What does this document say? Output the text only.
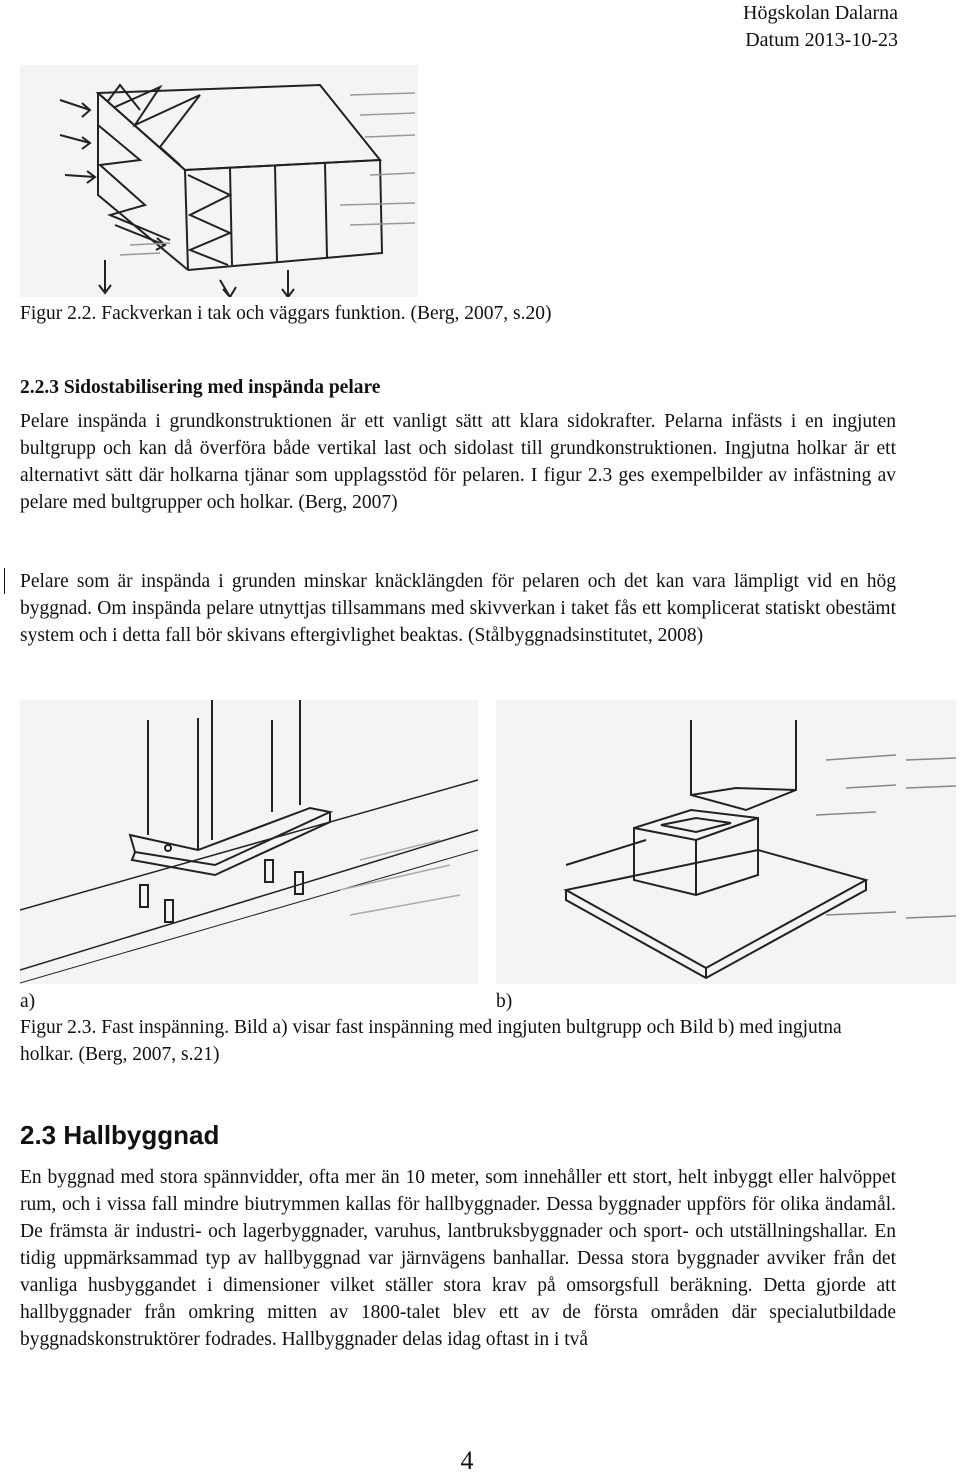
Högskolan Dalarna
Datum 2013-10-23
Figur 2.2. Fackverkan i tak och väggars funktion. (Berg, 2007, s.20)
2.2.3 Sidostabilisering med inspända pelare

Pelare inspända i grundkonstruktionen är ett vanligt sätt att klara sidokrafter. Pelarna infästs i en ingjuten bultgrupp och kan då överföra både vertikal last och sidolast till grundkonstruktionen. Ingjutna holkar är ett alternativt sätt där holkarna tjänar som upplagsstöd för pelaren. I figur 2.3 ges exempelbilder av infästning av pelare med bultgrupper och holkar. (Berg, 2007)

Pelare som är inspända i grunden minskar knäcklängden för pelaren och det kan vara lämpligt vid en hög byggnad. Om inspända pelare utnyttjas tillsammans med skivverkan i taket fås ett komplicerat statiskt obestämt system och i detta fall bör skivans eftergivlighet beaktas. (Stålbyggnadsinstitutet, 2008)

a)	b)

Figur 2.3. Fast inspänning. Bild a) visar fast inspänning med ingjuten bultgrupp och Bild b) med ingjutna holkar. (Berg, 2007, s.21)

2.3 Hallbyggnad

En byggnad med stora spännvidder, ofta mer än 10 meter, som innehåller ett stort, helt inbyggt eller halvöppet rum, och i vissa fall mindre biutrymmen kallas för hallbyggnader. Dessa byggnader uppförs för olika ändamål. De främsta är industri- och lagerbyggnader, varuhus, lantbruksbyggnader och sport- och utställningshallar. En tidig uppmärksammad typ av hallbyggnad var järnvägens banhallar. Dessa stora byggnader avviker från det vanliga husbyggandet i dimensioner vilket ställer stora krav på omsorgsfull beräkning. Detta gjorde att hallbyggnader från omkring mitten av 1800-talet blev ett av de första områden där specialutbildade byggnadskonstruktörer fodrades. Hallbyggnader delas idag oftast in i två

4
